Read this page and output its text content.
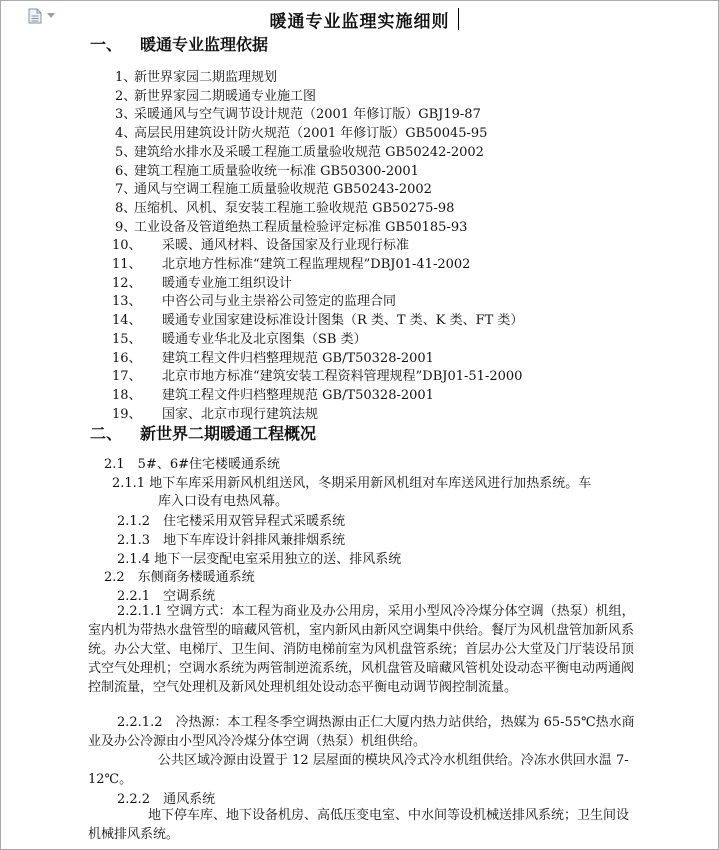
暖通专业监理实施细则
一、 暖通专业监理依据
1、新世界家园二期监理规划
2、新世界家园二期暖通专业施工图
3、采暖通风与空气调节设计规范（2001 年修订版）GBJ19-87
4、高层民用建筑设计防火规范（2001 年修订版）GB50045-95
5、建筑给水排水及采暖工程施工质量验收规范 GB50242-2002
6、建筑工程施工质量验收统一标准 GB50300-2001
7、通风与空调工程施工质量验收规范 GB50243-2002
8、压缩机、风机、泵安装工程施工验收规范 GB50275-98
9、工业设备及管道绝热工程质量检验评定标准 GB50185-93
10、 采暖、通风材料、设备国家及行业现行标准
11、 北京地方性标准“建筑工程监理规程”DBJ01-41-2002
12、 暖通专业施工组织设计
13、 中咨公司与业主崇裕公司签定的监理合同
14、 暖通专业国家建设标准设计图集（R 类、T 类、K 类、FT 类）
15、 暖通专业华北及北京图集（SB 类）
16、 建筑工程文件归档整理规范 GB/T50328-2001
17、 北京市地方标准“建筑安装工程资料管理规程”DBJ01-51-2000
18、 建筑工程文件归档整理规范 GB/T50328-2001
19、 国家、北京市现行建筑法规
二、 新世界二期暖通工程概况
2.1　5#、6#住宅楼暖通系统
2.1.1 地下车库采用新风机组送风，冬期采用新风机组对车库送风进行加热系统。车
库入口设有电热风幕。
2.1.2　住宅楼采用双管异程式采暖系统
2.1.3　地下车库设计斜排风兼排烟系统
2.1.4 地下一层变配电室采用独立的送、排风系统
2.2　东侧商务楼暖通系统
2.2.1　空调系统
2.2.1.1 空调方式：本工程为商业及办公用房，采用小型风冷冷煤分体空调（热泵）机组，室内机为带热水盘管型的暗藏风管机，室内新风由新风空调集中供给。餐厅为风机盘管加新风系统。办公大堂、电梯厅、卫生间、消防电梯前室为风机盘管系统；首层办公大堂及门厅装设吊顶式空气处理机；空调水系统为两管制逆流系统，风机盘管及暗藏风管机处设动态平衡电动两通阀控制流量，空气处理机及新风处理机组处设动态平衡电动调节阀控制流量。
2.2.1.2　冷热源：本工程冬季空调热源由正仁大厦内热力站供给，热媒为 65-55℃热水商业及办公冷源由小型风冷冷煤分体空调（热泵）机组供给。
公共区域冷源由设置于 12 层屋面的模块风冷式冷水机组供给。冷冻水供回水温 7-12℃。
2.2.2　通风系统
地下停车库、地下设备机房、高低压变电室、中水间等设机械送排风系统；卫生间设机械排风系统。
